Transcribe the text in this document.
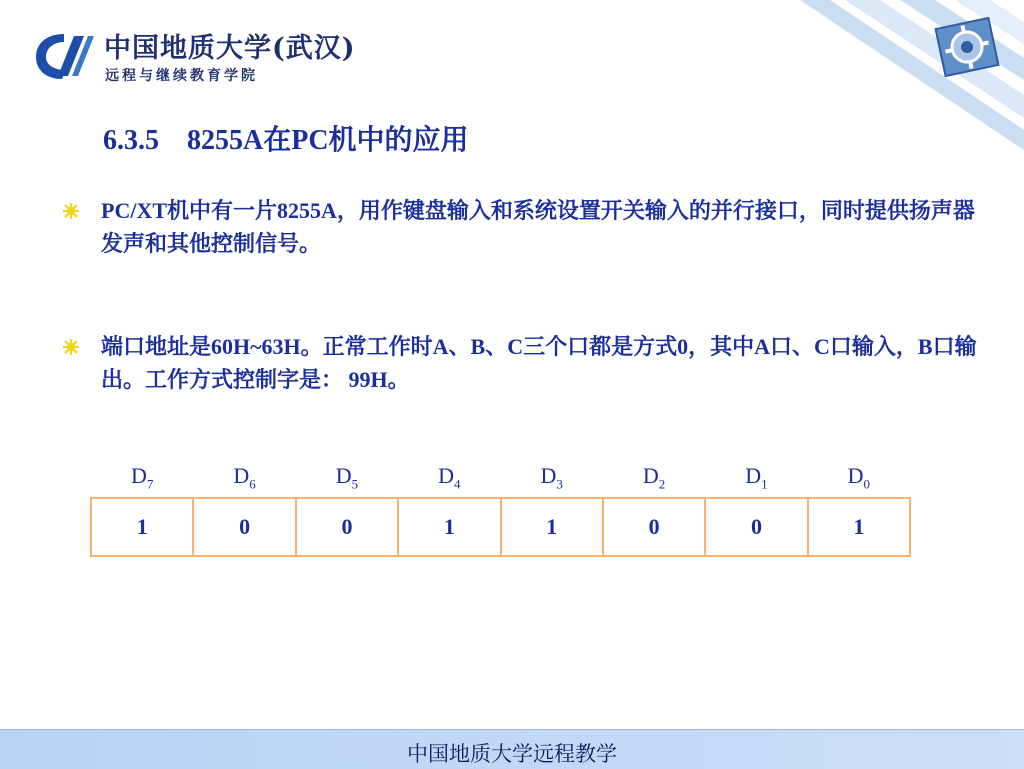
中国地质大学(武汉)
远程与继续教育学院
6.3.5　8255A在PC机中的应用
PC/XT机中有一片8255A，用作键盘输入和系统设置开关输入的并行接口，同时提供扬声器发声和其他控制信号。
端口地址是60H~63H。正常工作时A、B、C三个口都是方式0，其中A口、C口输入，B口输出。工作方式控制字是： 99H。
$D_7$	$D_6$	$D_5$	$D_4$	$D_3$	$D_2$	$D_1$	$D_0$
1	0	0	1	1	0	0	1
中国地质大学远程教学
